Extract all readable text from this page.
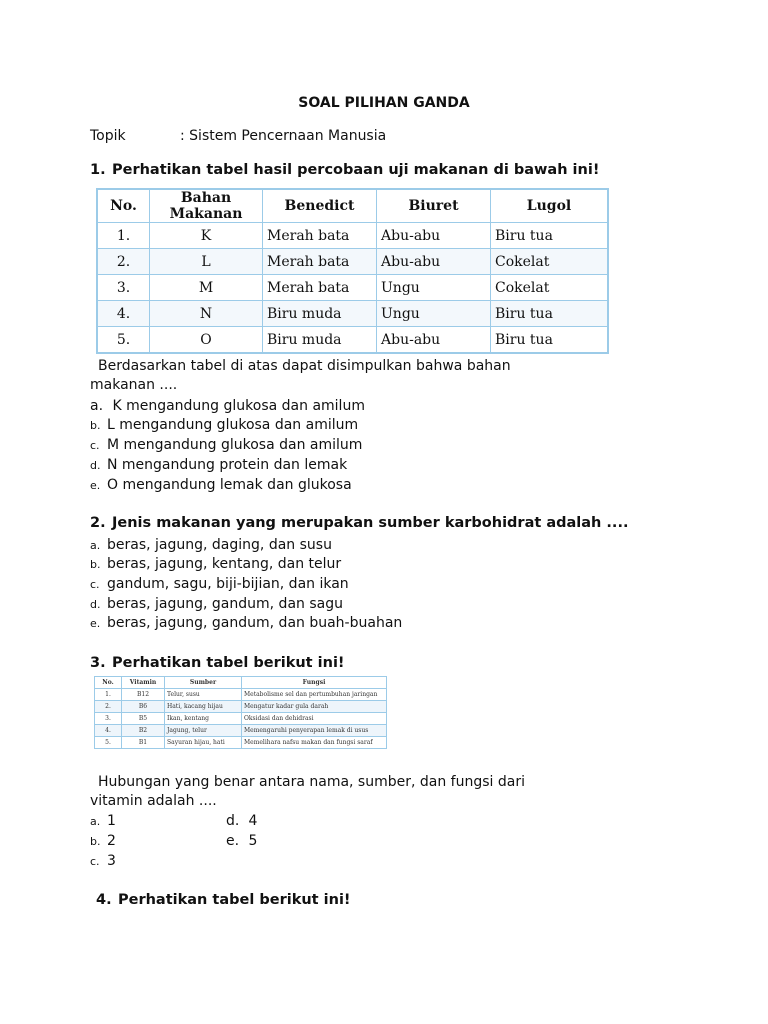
SOAL PILIHAN GANDA
Topik	: Sistem Pencernaan Manusia
1. Perhatikan tabel hasil percobaan uji makanan di bawah ini!
No.	Bahan Makanan	Benedict	Biuret	Lugol
1.	K	Merah bata	Abu-abu	Biru tua
2.	L	Merah bata	Abu-abu	Cokelat
3.	M	Merah bata	Ungu	Cokelat
4.	N	Biru muda	Ungu	Biru tua
5.	O	Biru muda	Abu-abu	Biru tua
Berdasarkan tabel di atas dapat disimpulkan bahwa bahan
makanan ....
a. K mengandung glukosa dan amilum
b. L mengandung glukosa dan amilum
c. M mengandung glukosa dan amilum
d. N mengandung protein dan lemak
e. O mengandung lemak dan glukosa
2. Jenis makanan yang merupakan sumber karbohidrat adalah ....
a. beras, jagung, daging, dan susu
b. beras, jagung, kentang, dan telur
c. gandum, sagu, biji-bijian, dan ikan
d. beras, jagung, gandum, dan sagu
e. beras, jagung, gandum, dan buah-buahan
3. Perhatikan tabel berikut ini!
No.	Vitamin	Sumber	Fungsi
1.	B12	Telur, susu	Metabolisme sel dan pertumbuhan jaringan
2.	B6	Hati, kacang hijau	Mengatur kadar gula darah
3.	B5	Ikan, kentang	Oksidasi dan dehidrasi
4.	B2	Jagung, telur	Memengaruhi penyerapan lemak di usus
5.	B1	Sayuran hijau, hati	Memelihara nafsu makan dan fungsi saraf
Hubungan yang benar antara nama, sumber, dan fungsi dari
vitamin adalah ....
a. 1
b. 2
c. 3
d. 4
e. 5
4. Perhatikan tabel berikut ini!
